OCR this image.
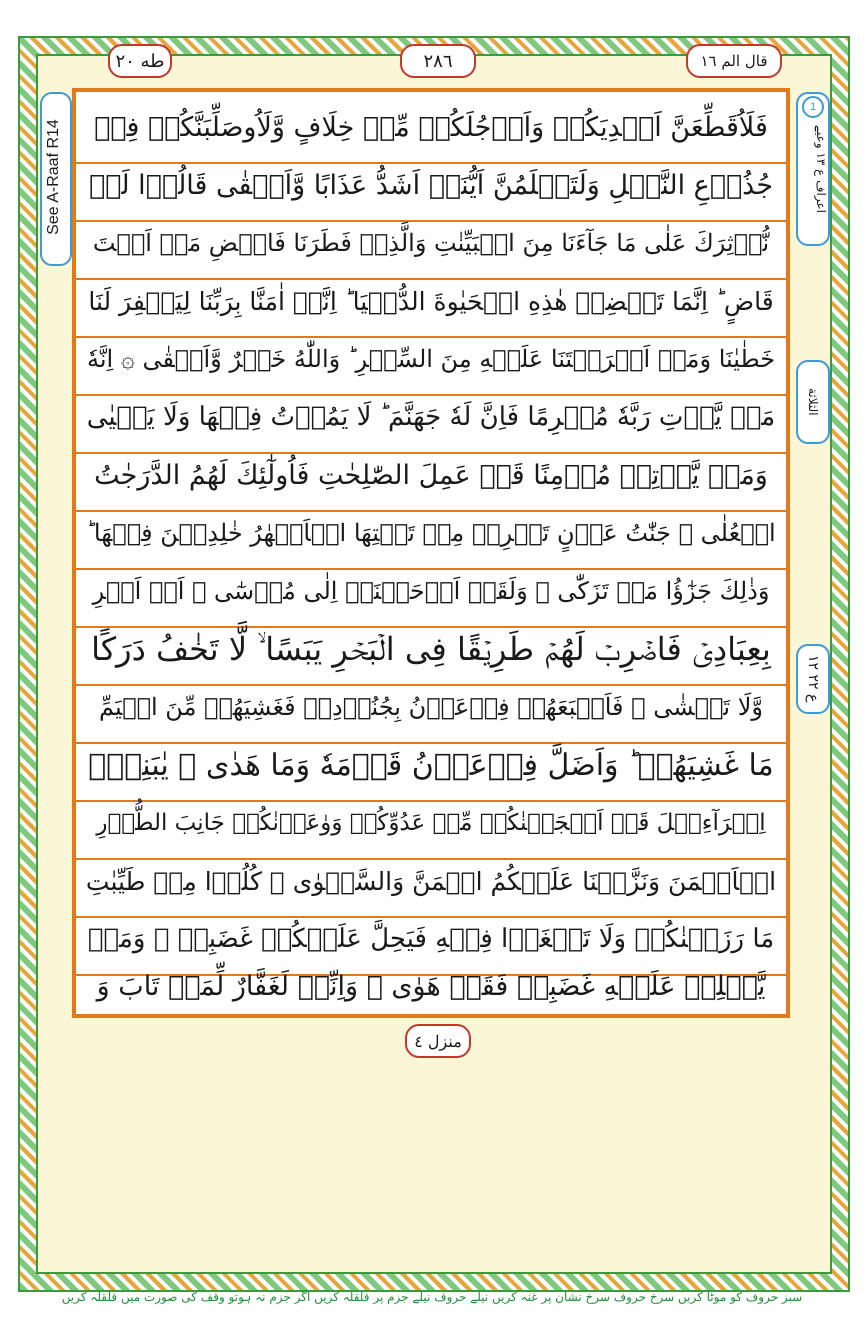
طه ٢٠	٢٨٦	قال الم ١٦
See A-Raaf R14	اعراف ع ١٣ وعیے
1
الثلاثة
ع ٢٢ ١٢
فَلَاُقَطِّعَنَّ اَيۡدِيَكُمۡ وَاَرۡجُلَكُمۡ مِّنۡ خِلَافٍ وَّلَاُوصَلِّبَنَّكُمۡ فِيۡ
جُذُوۡعِ النَّخۡلِ وَلَتَعۡلَمُنَّ اَيُّنَاۤ اَشَدُّ عَذَابًا وَّاَبۡقٰى قَالُوۡا لَنۡ
نُّؤۡثِرَكَ عَلٰى مَا جَآءَنَا مِنَ الۡبَيِّنٰتِ وَالَّذِىۡ فَطَرَنَا فَاقۡضِ مَاۤ اَنۡتَ
قَاضٍ ؕ اِنَّمَا تَقۡضِىۡ هٰذِهِ الۡحَيٰوةَ الدُّنۡيَا ؕ اِنَّاۤ اٰمَنَّا بِرَبِّنَا لِيَغۡفِرَ لَنَا
خَطٰيٰنَا وَمَاۤ اَكۡرَهۡتَنَا عَلَيۡهِ مِنَ السِّحۡرِ ؕ وَاللّٰهُ خَيۡرٌ وَّاَبۡقٰى ۞ اِنَّهٗ
مَنۡ يَّاۡتِ رَبَّهٗ مُجۡرِمًا فَاِنَّ لَهٗ جَهَنَّمَ ؕ لَا يَمُوۡتُ فِيۡهَا وَلَا يَحۡيٰى
وَمَنۡ يَّاۡتِهٖ مُؤۡمِنًا قَدۡ عَمِلَ الصّٰلِحٰتِ فَاُولٰٓئِكَ لَهُمُ الدَّرَجٰتُ
الۡعُلٰى ۞ جَنّٰتُ عَدۡنٍ تَجۡرِىۡ مِنۡ تَحۡتِهَا الۡاَنۡهٰرُ خٰلِدِيۡنَ فِيۡهَا ؕ
وَذٰلِكَ جَزٰٓؤُا مَنۡ تَزَكّٰى ۞ وَلَقَدۡ اَوۡحَيۡنَاۤ اِلٰى مُوۡسٰٓى ۙ اَنۡ اَسۡرِ
بِعِبَادِىۡ فَاضۡرِبۡ لَهُمۡ طَرِيۡقًا فِى الۡبَحۡرِ يَبَسًا ۙ لَّا تَخٰفُ دَرَكًا
وَّلَا تَخۡشٰى ۞ فَاَتۡبَعَهُمۡ فِرۡعَوۡنُ بِجُنُوۡدِهٖ فَغَشِيَهُمۡ مِّنَ الۡيَمِّ
مَا غَشِيَهُمۡ ؕ وَاَضَلَّ فِرۡعَوۡنُ قَوۡمَهٗ وَمَا هَدٰى ۞ يٰبَنِىۡٓ
اِسۡرَآءِيۡلَ قَدۡ اَنۡجَيۡنٰكُمۡ مِّنۡ عَدُوِّكُمۡ وَوٰعَدۡنٰكُمۡ جَانِبَ الطُّوۡرِ
الۡاَيۡمَنَ وَنَزَّلۡنَا عَلَيۡكُمُ الۡمَنَّ وَالسَّلۡوٰى ۞ كُلُوۡا مِنۡ طَيِّبٰتِ
مَا رَزَقۡنٰكُمۡ وَلَا تَطۡغَوۡا فِيۡهِ فَيَحِلَّ عَلَيۡكُمۡ غَضَبِىۡ ۚ وَمَنۡ
يَّحۡلِلۡ عَلَيۡهِ غَضَبِىۡ فَقَدۡ هَوٰى ۞ وَاِنِّىۡ لَغَفَّارٌ لِّمَنۡ تَابَ وَ
منزل ٤
سبز حروف کو موٹا کریں سرخ حروف سرخ نشان پر غنہ کریں نیلے حروف نیلے جزم پر قلقلہ کریں اگر جزم نہ ہوتو وقف کی صورت میں قلقلہ کریں
